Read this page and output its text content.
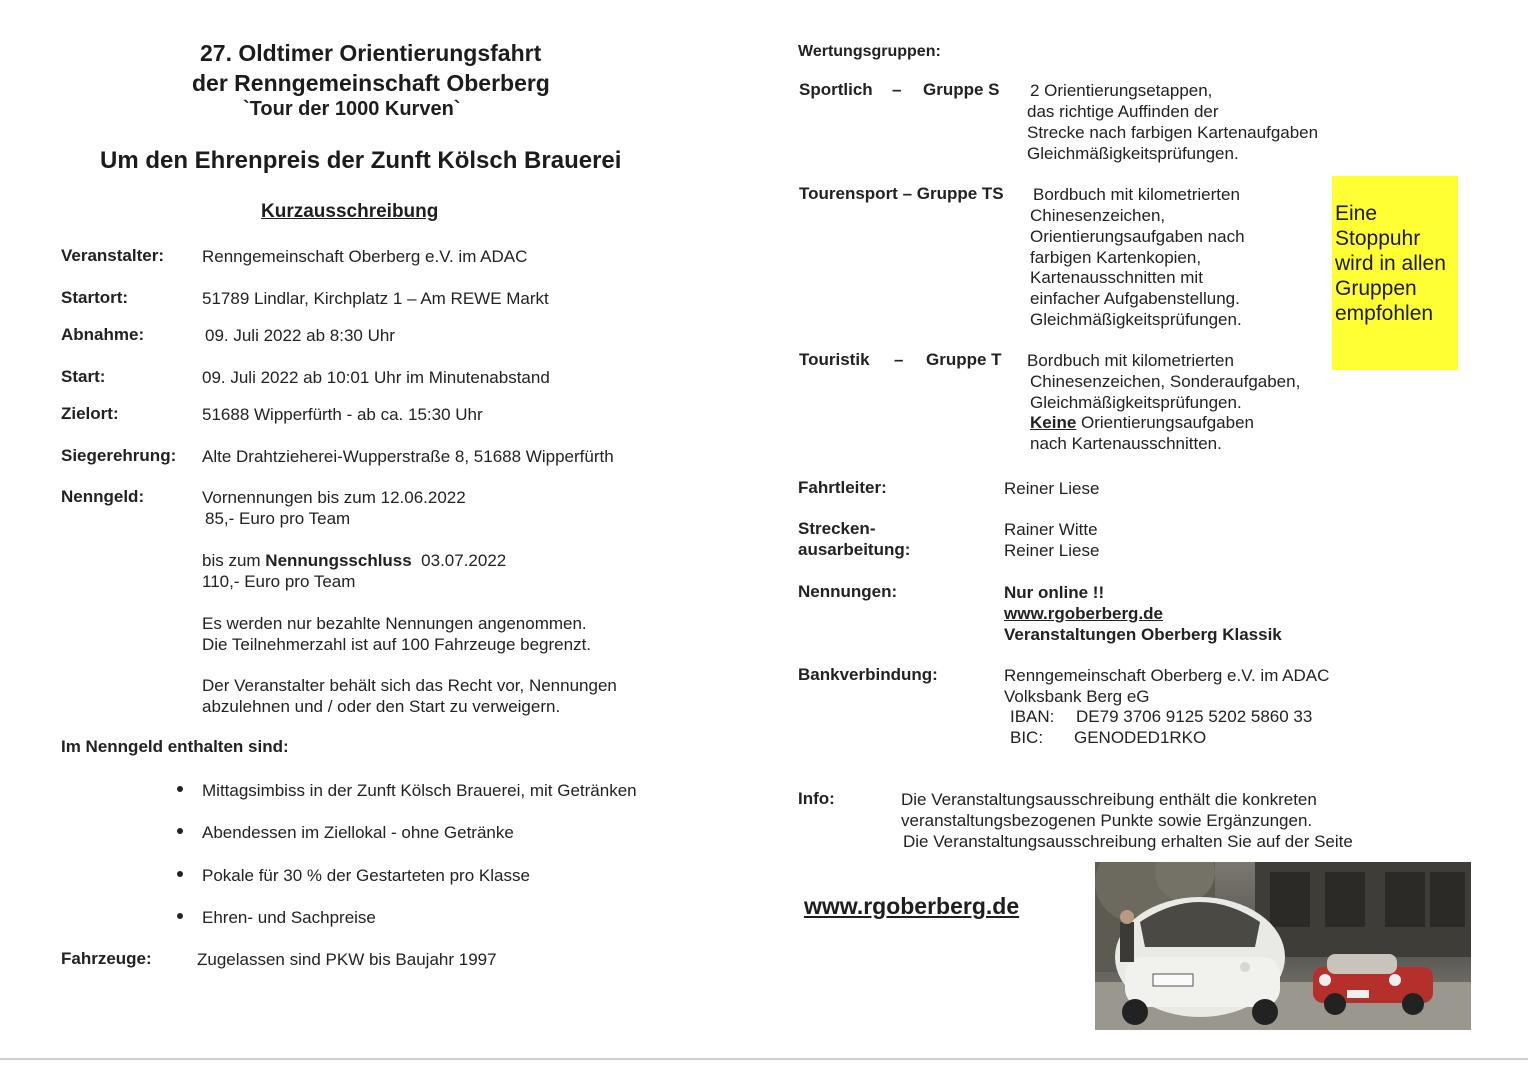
27. Oldtimer Orientierungsfahrt
der Renngemeinschaft Oberberg
`Tour der 1000 Kurven`
Um den Ehrenpreis der Zunft Kölsch Brauerei
Kurzausschreibung
Veranstalter: Renngemeinschaft Oberberg e.V. im ADAC
Startort:	51789 Lindlar, Kirchplatz 1 – Am REWE Markt
Abnahme:	09. Juli 2022 ab 8:30 Uhr
Start:	09. Juli 2022 ab 10:01 Uhr im Minutenabstand
Zielort:	51688 Wipperfürth - ab ca. 15:30 Uhr
Siegerehrung: Alte Drahtzieherei-Wupperstraße 8, 51688 Wipperfürth
Nenngeld:	Vornennungen bis zum 12.06.2022
85,- Euro pro Team
bis zum Nennungsschluss  03.07.2022
110,- Euro pro Team
Es werden nur bezahlte Nennungen angenommen.
Die Teilnehmerzahl ist auf 100 Fahrzeuge begrenzt.
Der Veranstalter behält sich das Recht vor, Nennungen
abzulehnen und / oder den Start zu verweigern.
Im Nenngeld enthalten sind:
Mittagsimbiss in der Zunft Kölsch Brauerei, mit Getränken
Abendessen im Ziellokal - ohne Getränke
Pokale für 30 % der Gestarteten pro Klasse
Ehren- und Sachpreise
Fahrzeuge:	Zugelassen sind PKW bis Baujahr 1997
Wertungsgruppen:
Sportlich – Gruppe S 2 Orientierungsetappen,
das richtige Auffinden der
Strecke nach farbigen Kartenaufgaben
Gleichmäßigkeitsprüfungen.
Tourensport – Gruppe TS Bordbuch mit kilometrierten
Chinesenzeichen,
Orientierungsaufgaben nach
farbigen Kartenkopien,
Kartenausschnitten mit
einfacher Aufgabenstellung.
Gleichmäßigkeitsprüfungen.
Eine
Stoppuhr
wird in allen
Gruppen
empfohlen
Touristik – Gruppe T Bordbuch mit kilometrierten
Chinesenzeichen, Sonderaufgaben,
Gleichmäßigkeitsprüfungen.
Keine Orientierungsaufgaben
nach Kartenausschnitten.
Fahrtleiter:	Reiner Liese
Strecken-
ausarbeitung:
Rainer Witte
Reiner Liese
Nennungen:	Nur online !!
www.rgoberberg.de
Veranstaltungen Oberberg Klassik
Bankverbindung:	Renngemeinschaft Oberberg e.V. im ADAC
Volksbank Berg eG
IBAN: DE79 3706 9125 5202 5860 33
BIC: GENODED1RKO
Info:	Die Veranstaltungsausschreibung enthält die konkreten
veranstaltungsbezogenen Punkte sowie Ergänzungen.
Die Veranstaltungsausschreibung erhalten Sie auf der Seite
www.rgoberberg.de
